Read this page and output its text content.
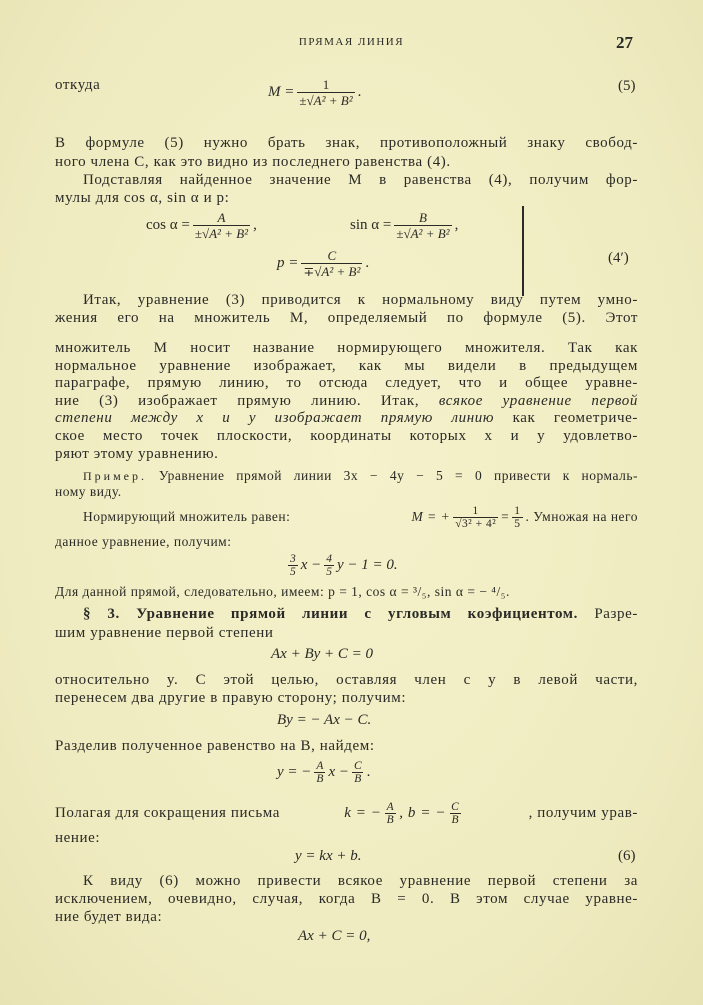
ПРЯМАЯ ЛИНИЯ	27
откуда	$M = \frac{1}{\text{±√A² + B²}}$ .	(5)
В формуле (5) нужно брать знак, противоположный знаку свобод-
ного члена C, как это видно из последнего равенства (4).
Подставляя найденное значение M в равенства (4), получим фор-
мулы для cos α, sin α и p:
$\cos \alpha = \frac{A}{\text{±√A² + B²}}$ ,	$\sin \alpha = \frac{B}{\text{±√A² + B²}}$ ,
$p = \frac{C}{\text{∓√A² + B²}}$ .	(4′)
Итак, уравнение (3) приводится к нормальному виду путем умно-
жения его на множитель M, определяемый по формуле (5). Этот
множитель M носит название нормирующего множителя. Так как
нормальное уравнение изображает, как мы видели в предыдущем
параграфе, прямую линию, то отсюда следует, что и общее уравне-
ние (3) изображает прямую линию. Итак, всякое уравнение первой
степени между x и y изображает прямую линию как геометриче-
ское место точек плоскости, координаты которых x и y удовлетво-
ряют этому уравнению.
Пример. Уравнение прямой линии 3x − 4y − 5 = 0 привести к нормаль-
ному виду.
Нормирующий множитель равен:	M = + $\frac{1}{\text{√3² + 4²}} = \frac{1}{5}$ . Умножая на него
данное уравнение, получим:
$\frac{3}{5}$ $x - \frac{4}{5}$ y − 1 = 0.
Для данной прямой, следовательно, имеем: p = 1, cos α = ³/₅, sin α = − ⁴/₅.
§ 3. Уравнение прямой линии с угловым коэфициентом. Разре-
шим уравнение первой степени
Ax + By + C = 0
относительно y. С этой целью, оставляя член с y в левой части,
перенесем два другие в правую сторону; получим:
By = − Ax − C.
Разделив полученное равенство на B, найдем:
y = − $\frac{A}{B}$ $x - \frac{C}{B}$ .
Полагая для сокращения письма	k = − $\frac{A}{B}$ , b = − $\frac{C}{B}$	, получим урав-
нение:
y = kx + b.	(6)
К виду (6) можно привести всякое уравнение первой степени за
исключением, очевидно, случая, когда B = 0. В этом случае уравне-
ние будет вида:
Ax + C = 0,
